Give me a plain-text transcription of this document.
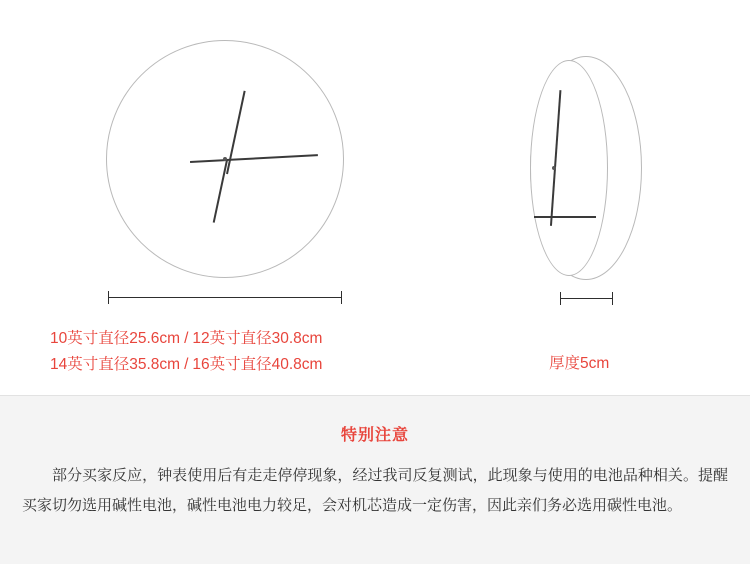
10英寸直径25.6cm / 12英寸直径30.8cm
14英寸直径35.8cm / 16英寸直径40.8cm	厚度5cm
特别注意
部分买家反应，钟表使用后有走走停停现象，经过我司反复测试，此现象与使用的电池品种相关。提醒买家切勿选用碱性电池，碱性电池电力较足，会对机芯造成一定伤害，因此亲们务必选用碳性电池。
